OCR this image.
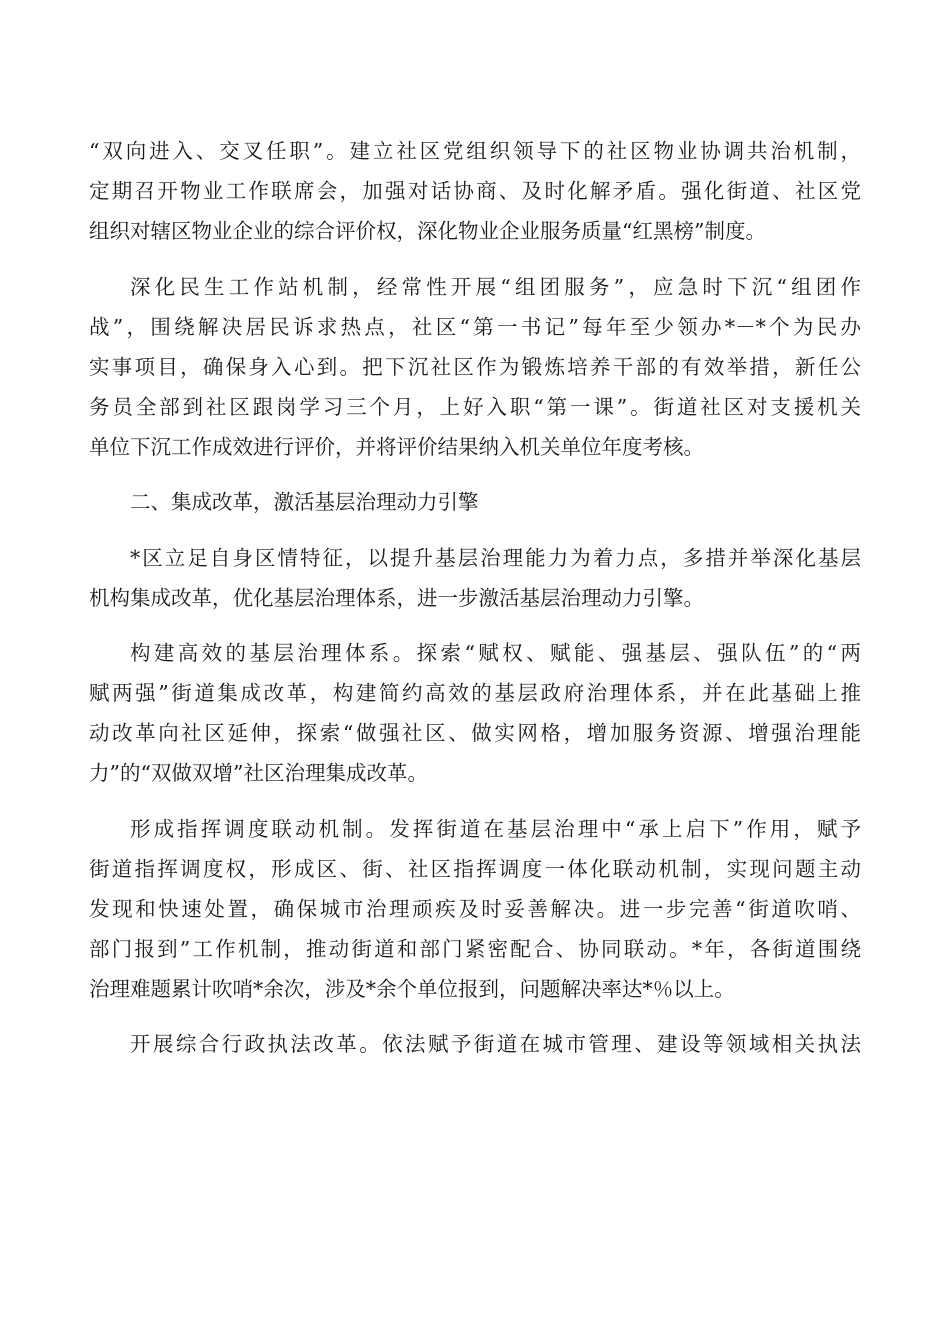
“双向进入、交叉任职”。建立社区党组织领导下的社区物业协调共治机制，
定期召开物业工作联席会，加强对话协商、及时化解矛盾。强化街道、社区党
组织对辖区物业企业的综合评价权，深化物业企业服务质量“红黑榜”制度。
深化民生工作站机制，经常性开展“组团服务”，应急时下沉“组团作
战”，围绕解决居民诉求热点，社区“第一书记”每年至少领办*－*个为民办
实事项目，确保身入心到。把下沉社区作为锻炼培养干部的有效举措，新任公
务员全部到社区跟岗学习三个月，上好入职“第一课”。街道社区对支援机关
单位下沉工作成效进行评价，并将评价结果纳入机关单位年度考核。
二、集成改革，激活基层治理动力引擎
*区立足自身区情特征，以提升基层治理能力为着力点，多措并举深化基层
机构集成改革，优化基层治理体系，进一步激活基层治理动力引擎。
构建高效的基层治理体系。探索“赋权、赋能、强基层、强队伍”的“两
赋两强”街道集成改革，构建简约高效的基层政府治理体系，并在此基础上推
动改革向社区延伸，探索“做强社区、做实网格，增加服务资源、增强治理能
力”的“双做双增”社区治理集成改革。
形成指挥调度联动机制。发挥街道在基层治理中“承上启下”作用，赋予
街道指挥调度权，形成区、街、社区指挥调度一体化联动机制，实现问题主动
发现和快速处置，确保城市治理顽疾及时妥善解决。进一步完善“街道吹哨、
部门报到”工作机制，推动街道和部门紧密配合、协同联动。*年，各街道围绕
治理难题累计吹哨*余次，涉及*余个单位报到，问题解决率达*％以上。
开展综合行政执法改革。依法赋予街道在城市管理、建设等领域相关执法
